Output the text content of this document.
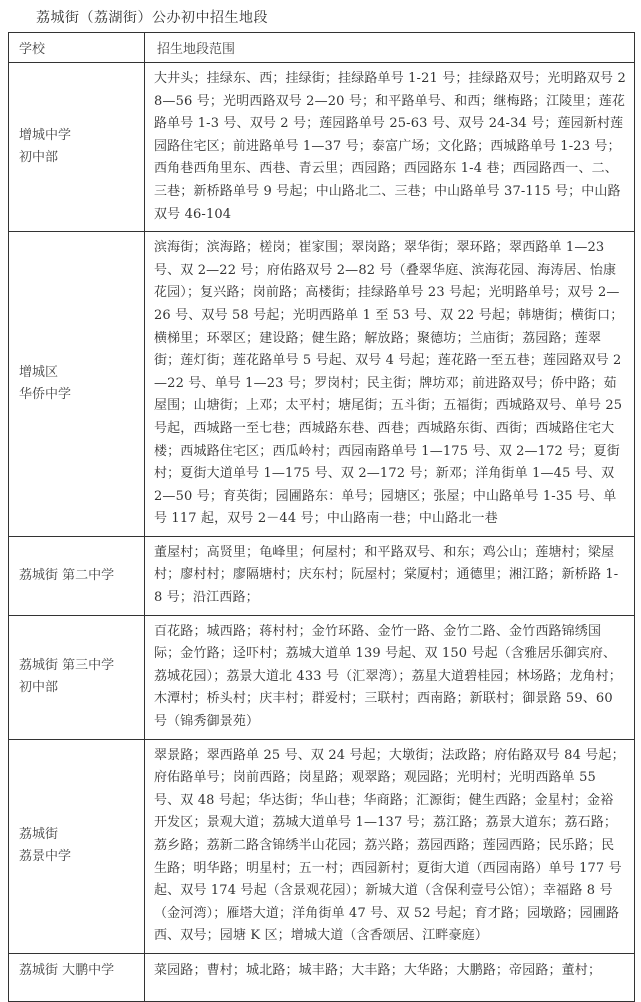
荔城街（荔湖街）公办初中招生地段
学校	招生地段范围

增城中学
初中部	大井头；挂绿东、西；挂绿街；挂绿路单号 1-21 号；挂绿路双号；光明路双号 28—56 号；光明西路双号 2—20 号；和平路单号、和西；继梅路；江陵里；莲花路单号 1-3 号、双号 2 号；莲园路单号 25-63 号、双号 24-34 号；莲园新村莲园路住宅区；前进路单号 1—37 号；泰富广场；文化路；西城路单号 1-23 号；西角巷西角里东、西巷、青云里；西园路；西园路东 1-4 巷；西园路西一、二、三巷；新桥路单号 9 号起；中山路北二、三巷；中山路单号 37-115 号；中山路双号 46-104

增城区
华侨中学	滨海街；滨海路；槎岗；崔家围；翠岗路；翠华街；翠环路；翠西路单 1—23 号、双 2—22 号；府佑路双号 2—82 号（叠翠华庭、滨海花园、海涛居、怡康花园）；复兴路；岗前路；高楼街；挂绿路单号 23 号起；光明路单号；双号 2—26 号、双号 58 号起；光明西路单 1 至 53 号、双 22 号起；韩塘街；横街口；横梯里；环翠区；建设路；健生路；解放路；聚德坊；兰庙街；荔园路；莲翠街；莲灯街；莲花路单号 5 号起、双号 4 号起；莲花路一至五巷；莲园路双号 2—22 号、单号 1—23 号；罗岗村；民主街；牌坊邓；前进路双号；侨中路；茹屋围；山塘街；上邓；太平村；塘尾街；五斗街；五福街；西城路双号、单号 25 号起，西城路一至七巷；西城路东巷、西巷；西城路东街、西街；西城路住宅大楼；西城路住宅区；西瓜岭村；西园南路单号 1—175 号、双 2—172 号；夏街村；夏街大道单号 1—175 号、双 2—172 号；新邓；洋角街单 1—45 号、双 2—50 号；育英街；园圃路东：单号；园塘区；张屋；中山路单号 1-35 号、单号 117 起，双号 2－44 号；中山路南一巷；中山路北一巷

荔城街 第二中学	董屋村；高贤里；龟峰里；何屋村；和平路双号、和东；鸡公山；莲塘村；梁屋村；廖村村；廖隔塘村；庆东村；阮屋村；棠厦村；通德里；湘江路；新桥路 1-8 号；沿江西路；

荔城街 第三中学
初中部	百花路；城西路；蒋村村；金竹环路、金竹一路、金竹二路、金竹西路锦绣国际；金竹路；迳吓村；荔城大道单 139 号起、双 150 号起（含雅居乐御宾府、荔城花园）；荔景大道北 433 号（汇翠湾）；荔星大道碧桂园；林场路；龙角村；木潭村；桥头村；庆丰村；群爱村；三联村；西南路；新联村；御景路 59、60 号（锦秀御景苑）

荔城街
荔景中学	翠景路；翠西路单 25 号、双 24 号起；大墩街；法政路；府佑路双号 84 号起；府佑路单号；岗前西路；岗星路；观翠路；观园路；光明村；光明西路单 55 号、双 48 号起；华达街；华山巷；华商路；汇源街；健生西路；金星村；金裕开发区；景观大道；荔城大道单号 1—137 号；荔江路；荔景大道东；荔石路；荔乡路；荔新二路含锦绣半山花园；荔兴路；荔园西路；莲园西路；民乐路；民生路；明华路；明星村；五一村；西园新村；夏街大道（西园南路）单号 177 号起、双号 174 号起（含景观花园）；新城大道（含保利壹号公馆）；幸福路 8 号（金河湾）；雁塔大道；洋角街单 47 号、双 52 号起；育才路；园墩路；园圃路西、双号；园塘 K 区；增城大道（含香颂居、江畔豪庭）

荔城街 大鹏中学	菜园路；曹村；城北路；城丰路；大丰路；大华路；大鹏路；帝园路；董村；
